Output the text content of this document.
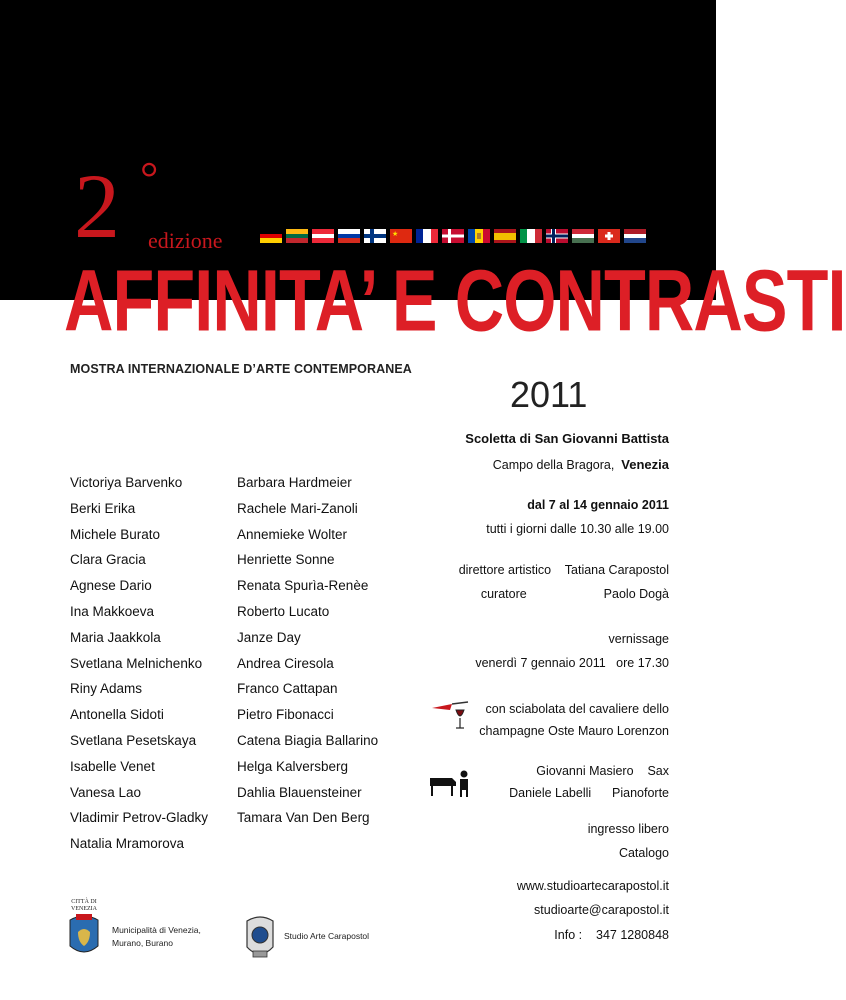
2 °
edizione	★
AFFINITA’ E CONTRASTI
MOSTRA INTERNAZIONALE D’ARTE CONTEMPORANEA
2011
Victoriya Barvenko
Berki Erika
Michele Burato
Clara Gracia
Agnese Dario
Ina Makkoeva
Maria Jaakkola
Svetlana Melnichenko
Riny Adams
Antonella Sidoti
Svetlana Pesetskaya
Isabelle Venet
Vanesa Lao
Vladimir Petrov-Gladky
Natalia Mramorova
Barbara Hardmeier
Rachele Mari-Zanoli
Annemieke Wolter
Henriette Sonne
Renata Spurìa-Renèe
Roberto Lucato
Janze Day
Andrea Ciresola
Franco Cattapan
Pietro Fibonacci
Catena Biagia Ballarino
Helga Kalversberg
Dahlia Blauensteiner
Tamara Van Den Berg
Scoletta di San Giovanni Battista
Campo della Bragora, Venezia
dal 7 al 14 gennaio 2011
tutti i giorni dalle 10.30 alle 19.00
direttore artistico Tatiana Carapostol
curatore	Paolo Dogà
vernissage
venerdì 7 gennaio 2011 ore 17.30
con sciabolata del cavaliere dello
champagne Oste Mauro Lorenzon
Giovanni Masiero Sax
Daniele Labelli Pianoforte
ingresso libero
Catalogo
www.studioartecarapostol.it
studioarte@carapostol.it
Info : 347 1280848
CITTÀ DI VENEZIA
Municipalità di Venezia,
Murano, Burano
Studio Arte Carapostol
